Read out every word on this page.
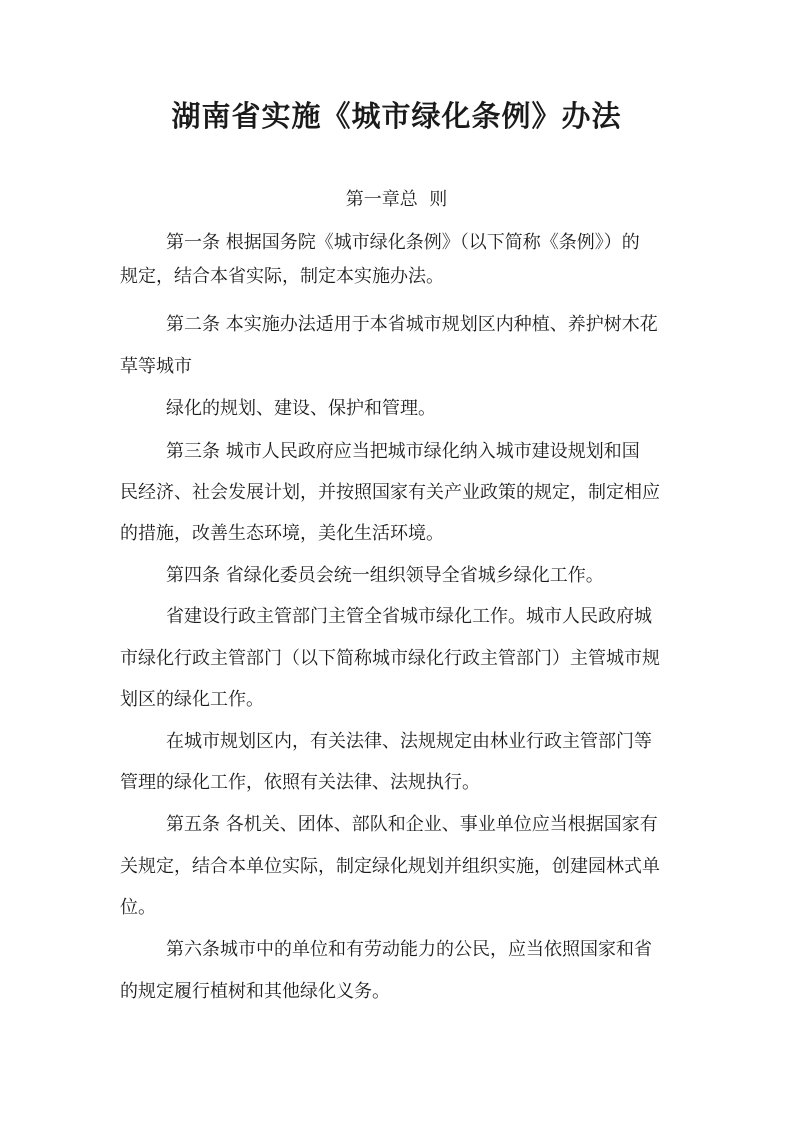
湖南省实施《城市绿化条例》办法
第一章总  则
第一条 根据国务院《城市绿化条例》（以下简称《条例》）的
规定，结合本省实际，制定本实施办法。
第二条 本实施办法适用于本省城市规划区内种植、养护树木花
草等城市
绿化的规划、建设、保护和管理。
第三条 城市人民政府应当把城市绿化纳入城市建设规划和国
民经济、社会发展计划，并按照国家有关产业政策的规定，制定相应
的措施，改善生态环境，美化生活环境。
第四条 省绿化委员会统一组织领导全省城乡绿化工作。
省建设行政主管部门主管全省城市绿化工作。城市人民政府城
市绿化行政主管部门（以下简称城市绿化行政主管部门）主管城市规
划区的绿化工作。
在城市规划区内，有关法律、法规规定由林业行政主管部门等
管理的绿化工作，依照有关法律、法规执行。
第五条 各机关、团体、部队和企业、事业单位应当根据国家有
关规定，结合本单位实际，制定绿化规划并组织实施，创建园林式单
位。
第六条城市中的单位和有劳动能力的公民，应当依照国家和省
的规定履行植树和其他绿化义务。
